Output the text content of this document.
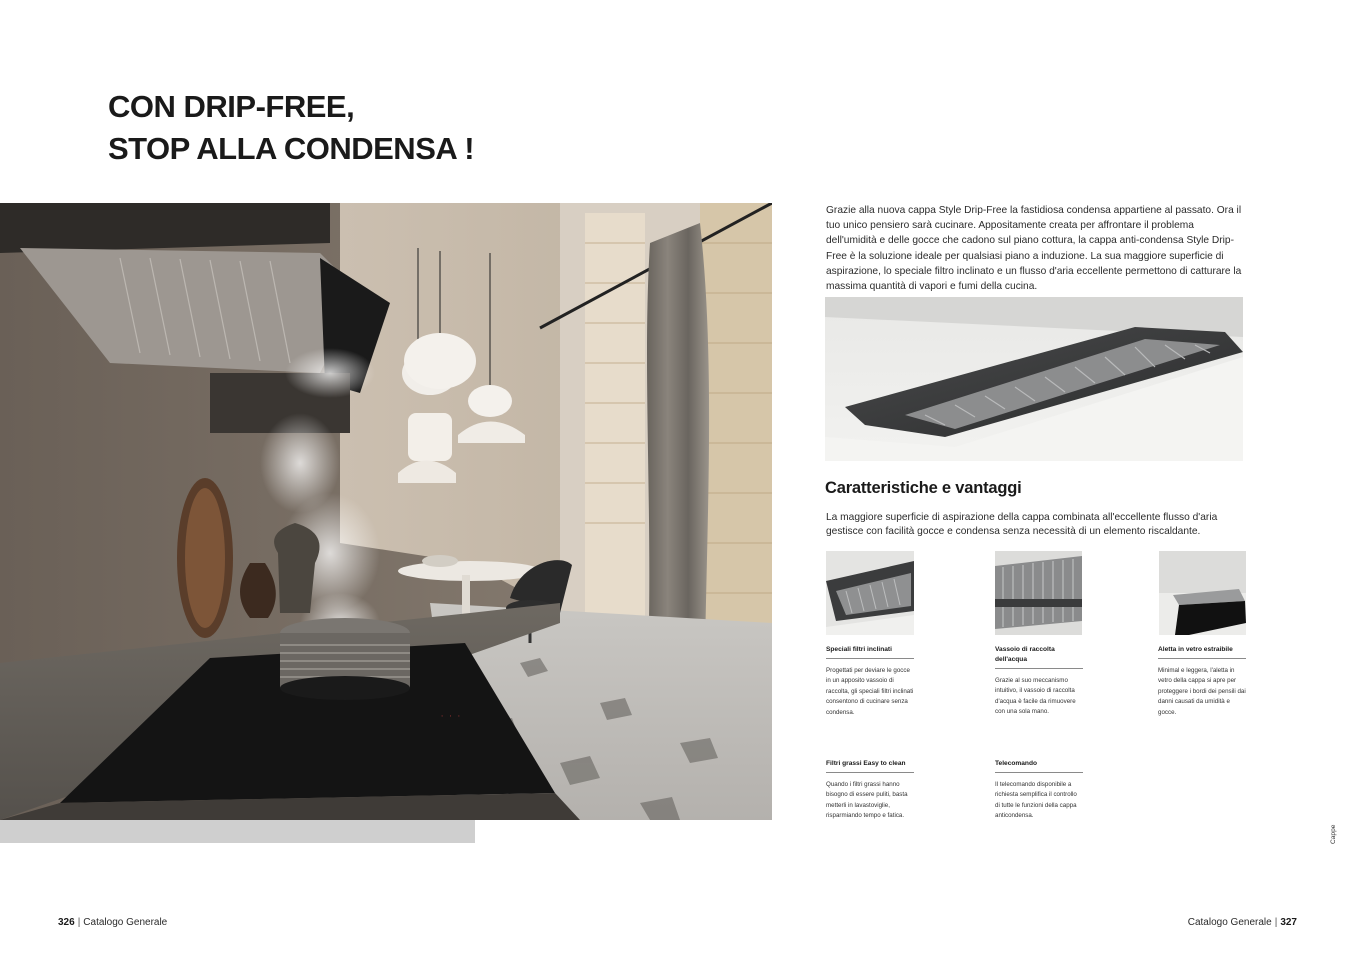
CON DRIP-FREE,
STOP ALLA CONDENSA !
· · ·

Grazie alla nuova cappa Style Drip-Free la fastidiosa condensa appartiene al passato. Ora il tuo unico pensiero sarà cucinare. Appositamente creata per affrontare il problema dell'umidità e delle gocce che cadono sul piano cottura, la cappa anti-condensa Style Drip-Free è la soluzione ideale per qualsiasi piano a induzione. La sua maggiore superficie di aspirazione, lo speciale filtro inclinato e un flusso d'aria eccellente permettono di catturare la massima quantità di vapori e fumi della cucina.

Caratteristiche e vantaggi

La maggiore superficie di aspirazione della cappa combinata all'eccellente flusso d'aria gestisce con facilità gocce e condensa senza necessità di un elemento riscaldante.

Speciali filtri inclinati
Progettati per deviare le gocce in un apposito vassoio di raccolta, gli speciali filtri inclinati consentono di cucinare senza condensa.
Vassoio di raccolta dell'acqua
Grazie al suo meccanismo intuitivo, il vassoio di raccolta d'acqua è facile da rimuovere con una sola mano.
Aletta in vetro estraibile
Minimal e leggera, l'aletta in vetro della cappa si apre per proteggere i bordi dei pensili dai danni causati da umidità e gocce.
Filtri grassi Easy to clean
Quando i filtri grassi hanno bisogno di essere puliti, basta metterli in lavastoviglie, risparmiando tempo e fatica.
Telecomando
Il telecomando disponibile a richiesta semplifica il controllo di tutte le funzioni della cappa anticondensa.
Cappe
326 | Catalogo Generale	Catalogo Generale | 327
